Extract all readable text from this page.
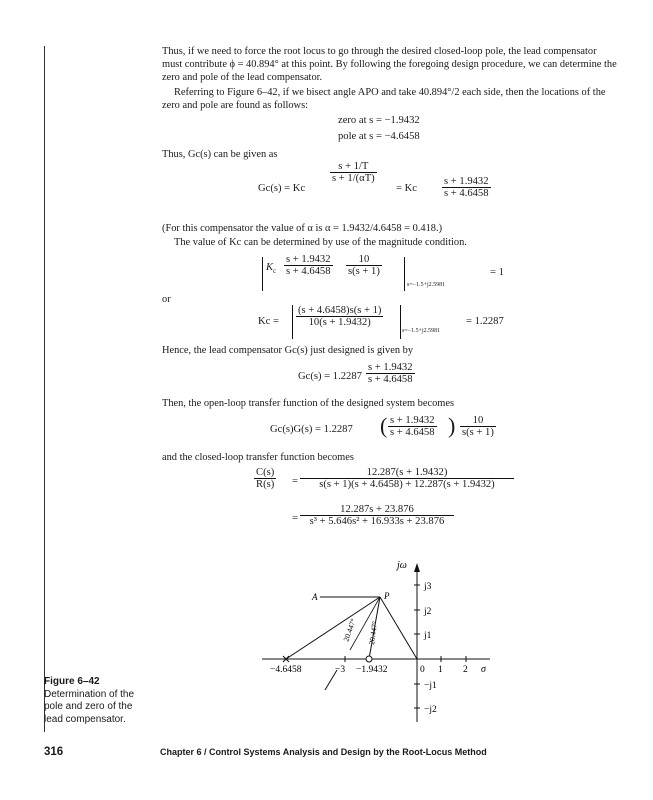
Thus, if we need to force the root locus to go through the desired closed-loop pole, the lead compensator must contribute ϕ = 40.894° at this point. By following the foregoing design procedure, we can determine the zero and pole of the lead compensator.
Referring to Figure 6–42, if we bisect angle APO and take 40.894°/2 each side, then the locations of the zero and pole are found as follows:
zero at s = −1.9432
pole at s = −4.6458
Thus, Gc(s) can be given as
Gc(s) = Kc
$\frac{s + 1/T}{s + 1/(\alpha T)}$
= Kc $\frac{s + 1.9432}{s + 4.6458}$
(For this compensator the value of α is α = 1.9432/4.6458 = 0.418.)
The value of Kc can be determined by use of the magnitude condition.
$K_c \frac{s + 1.9432}{s + 4.6458} \frac{10}{s(s + 1)}$
s=−1.5+j2.5981
= 1
or
$Kc = \frac{(s + 4.6458)s(s + 1)}{10(s + 1.9432)}$
s=−1.5+j2.5981
= 1.2287
Hence, the lead compensator Gc(s) just designed is given by
$Gc(s) = 1.2287 \frac{s + 1.9432}{s + 4.6458}$
Then, the open-loop transfer function of the designed system becomes
Gc(s)G(s) = 1.2287 ( $\frac{s + 1.9432}{s + 4.6458}$ ) $\frac{10}{s(s + 1)}$
and the closed-loop transfer function becomes
$\frac{C(s)}{R(s)} = \frac{12.287(s + 1.9432)}{s(s + 1)(s + 4.6458) + 12.287(s + 1.9432)}$
= $\frac{12.287s + 23.876}{\text{s³ + 5.646s² + 16.933s + 23.876}}$
jω
j3
j2
j1
−j1
−j2
A	P
20.447° 20.447°
−4.6458	−3 −1.9432	0 1 2 σ
Figure 6–42
Determination of the
pole and zero of the
lead compensator.
316	Chapter 6 / Control Systems Analysis and Design by the Root-Locus Method
